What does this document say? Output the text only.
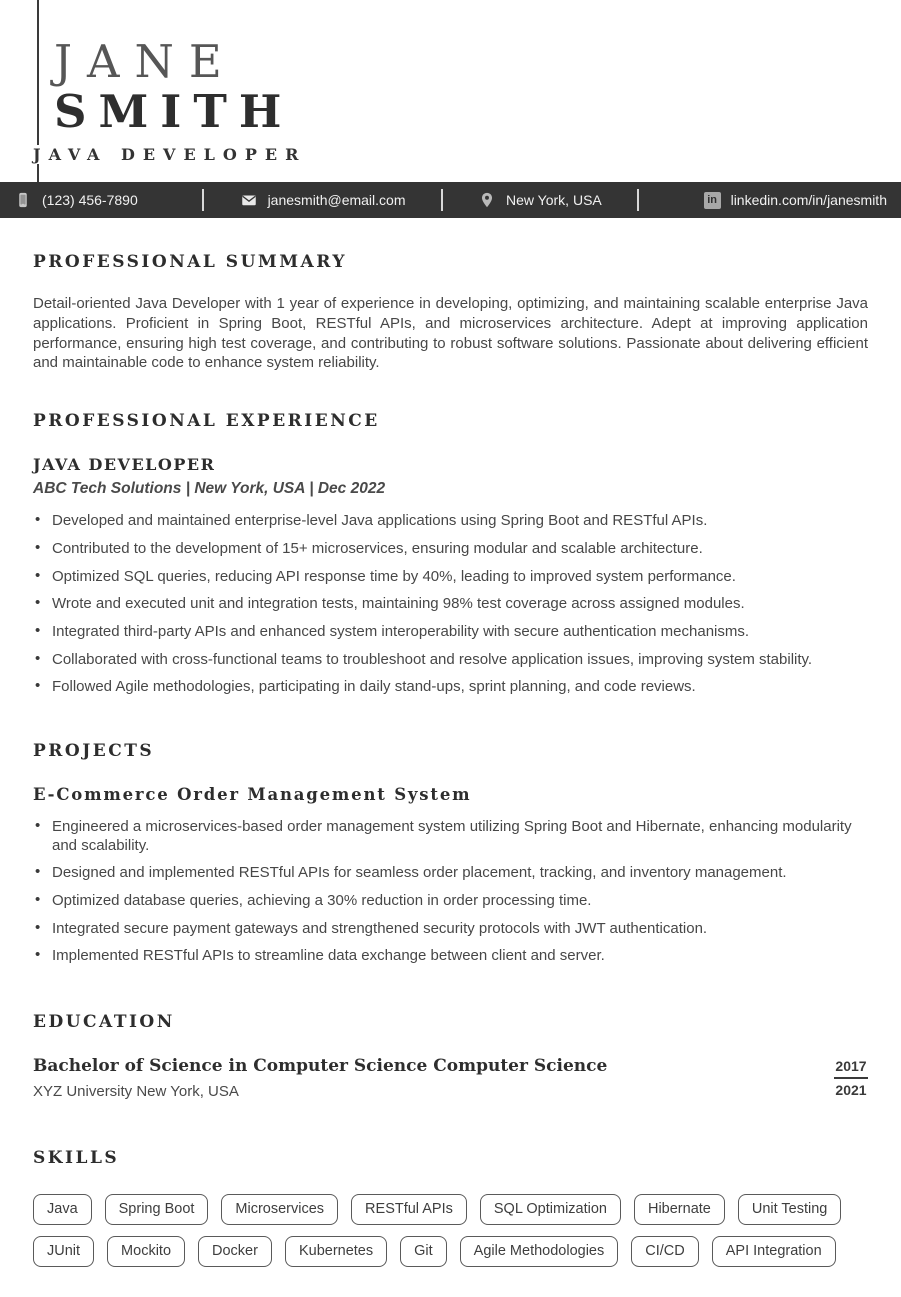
JANE
SMITH
JAVA DEVELOPER
(123) 456-7890	janesmith@email.com	New York, USA	in linkedin.com/in/janesmith
PROFESSIONAL SUMMARY

Detail-oriented Java Developer with 1 year of experience in developing, optimizing, and maintaining scalable enterprise Java applications. Proficient in Spring Boot, RESTful APIs, and microservices architecture. Adept at improving application performance, ensuring high test coverage, and contributing to robust software solutions. Passionate about delivering efficient and maintainable code to enhance system reliability.

PROFESSIONAL EXPERIENCE
JAVA DEVELOPER
ABC Tech Solutions | New York, USA | Dec 2022
• Developed and maintained enterprise-level Java applications using Spring Boot and RESTful APIs.
• Contributed to the development of 15+ microservices, ensuring modular and scalable architecture.
• Optimized SQL queries, reducing API response time by 40%, leading to improved system performance.
• Wrote and executed unit and integration tests, maintaining 98% test coverage across assigned modules.
• Integrated third-party APIs and enhanced system interoperability with secure authentication mechanisms.
• Collaborated with cross-functional teams to troubleshoot and resolve application issues, improving system stability.
• Followed Agile methodologies, participating in daily stand-ups, sprint planning, and code reviews.
PROJECTS
E-Commerce Order Management System
• Engineered a microservices-based order management system utilizing Spring Boot and Hibernate, enhancing modularity and scalability.
• Designed and implemented RESTful APIs for seamless order placement, tracking, and inventory management.
• Optimized database queries, achieving a 30% reduction in order processing time.
• Integrated secure payment gateways and strengthened security protocols with JWT authentication.
• Implemented RESTful APIs to streamline data exchange between client and server.
EDUCATION
Bachelor of Science in Computer Science Computer Science
XYZ University New York, USA
2017
2021
SKILLS
Java	Spring Boot	Microservices	RESTful APIs	SQL Optimization	Hibernate	Unit Testing
JUnit	Mockito	Docker	Kubernetes	Git	Agile Methodologies	CI/CD	API Integration
